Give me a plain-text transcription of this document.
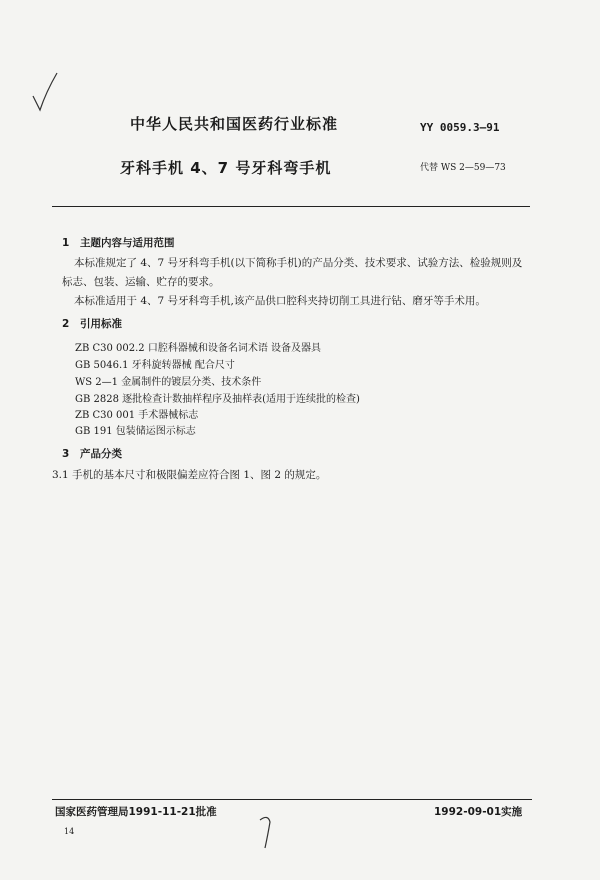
中华人民共和国医药行业标准	YY 0059.3—91
牙科手机 4、7 号牙科弯手机	代替 WS 2—59—73
1 主题内容与适用范围
本标准规定了 4、7 号牙科弯手机(以下简称手机)的产品分类、技术要求、试验方法、检验规则及标志、包装、运输、贮存的要求。
本标准适用于 4、7 号牙科弯手机,该产品供口腔科夹持切削工具进行钻、磨牙等手术用。
2 引用标准
ZB C30 002.2 口腔科器械和设备名词术语 设备及器具
GB 5046.1 牙科旋转器械 配合尺寸
WS 2—1 金属制件的镀层分类、技术条件
GB 2828 逐批检查计数抽样程序及抽样表(适用于连续批的检查)
ZB C30 001 手术器械标志
GB 191 包装储运图示标志
3 产品分类
3.1 手机的基本尺寸和极限偏差应符合图 1、图 2 的规定。
国家医药管理局1991-11-21批准	1992-09-01实施
14
